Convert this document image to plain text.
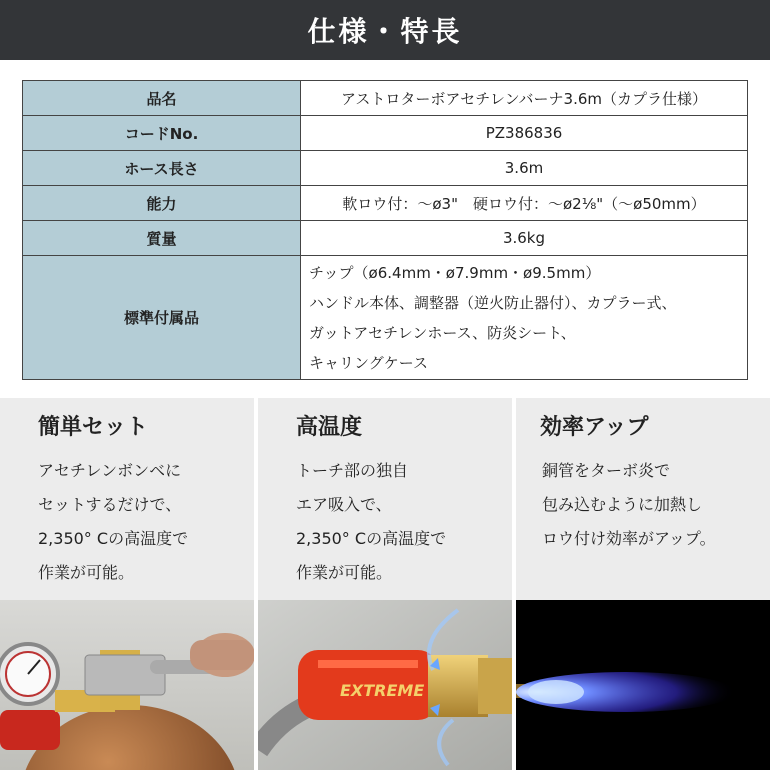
仕様・特長
品名	アストロターボアセチレンバーナ3.6m（カプラ仕様）
コードNo.	PZ386836
ホース長さ	3.6m
能力	軟ロウ付：〜ø3"　硬ロウ付：〜ø2⅛"（〜ø50mm）
質量	3.6kg
標準付属品	チップ（ø6.4mm・ø7.9mm・ø9.5mm）
ハンドル本体、調整器（逆火防止器付）、カプラー式、
ガットアセチレンホース、防炎シート、
キャリングケース
簡単セット
アセチレンボンベに
セットするだけで、
2,350° Cの高温度で
作業が可能。
高温度
トーチ部の独自
エア吸入で、
2,350° Cの高温度で
作業が可能。
EXTREME
効率アップ
銅管をターボ炎で
包み込むように加熱し
ロウ付け効率がアップ。
